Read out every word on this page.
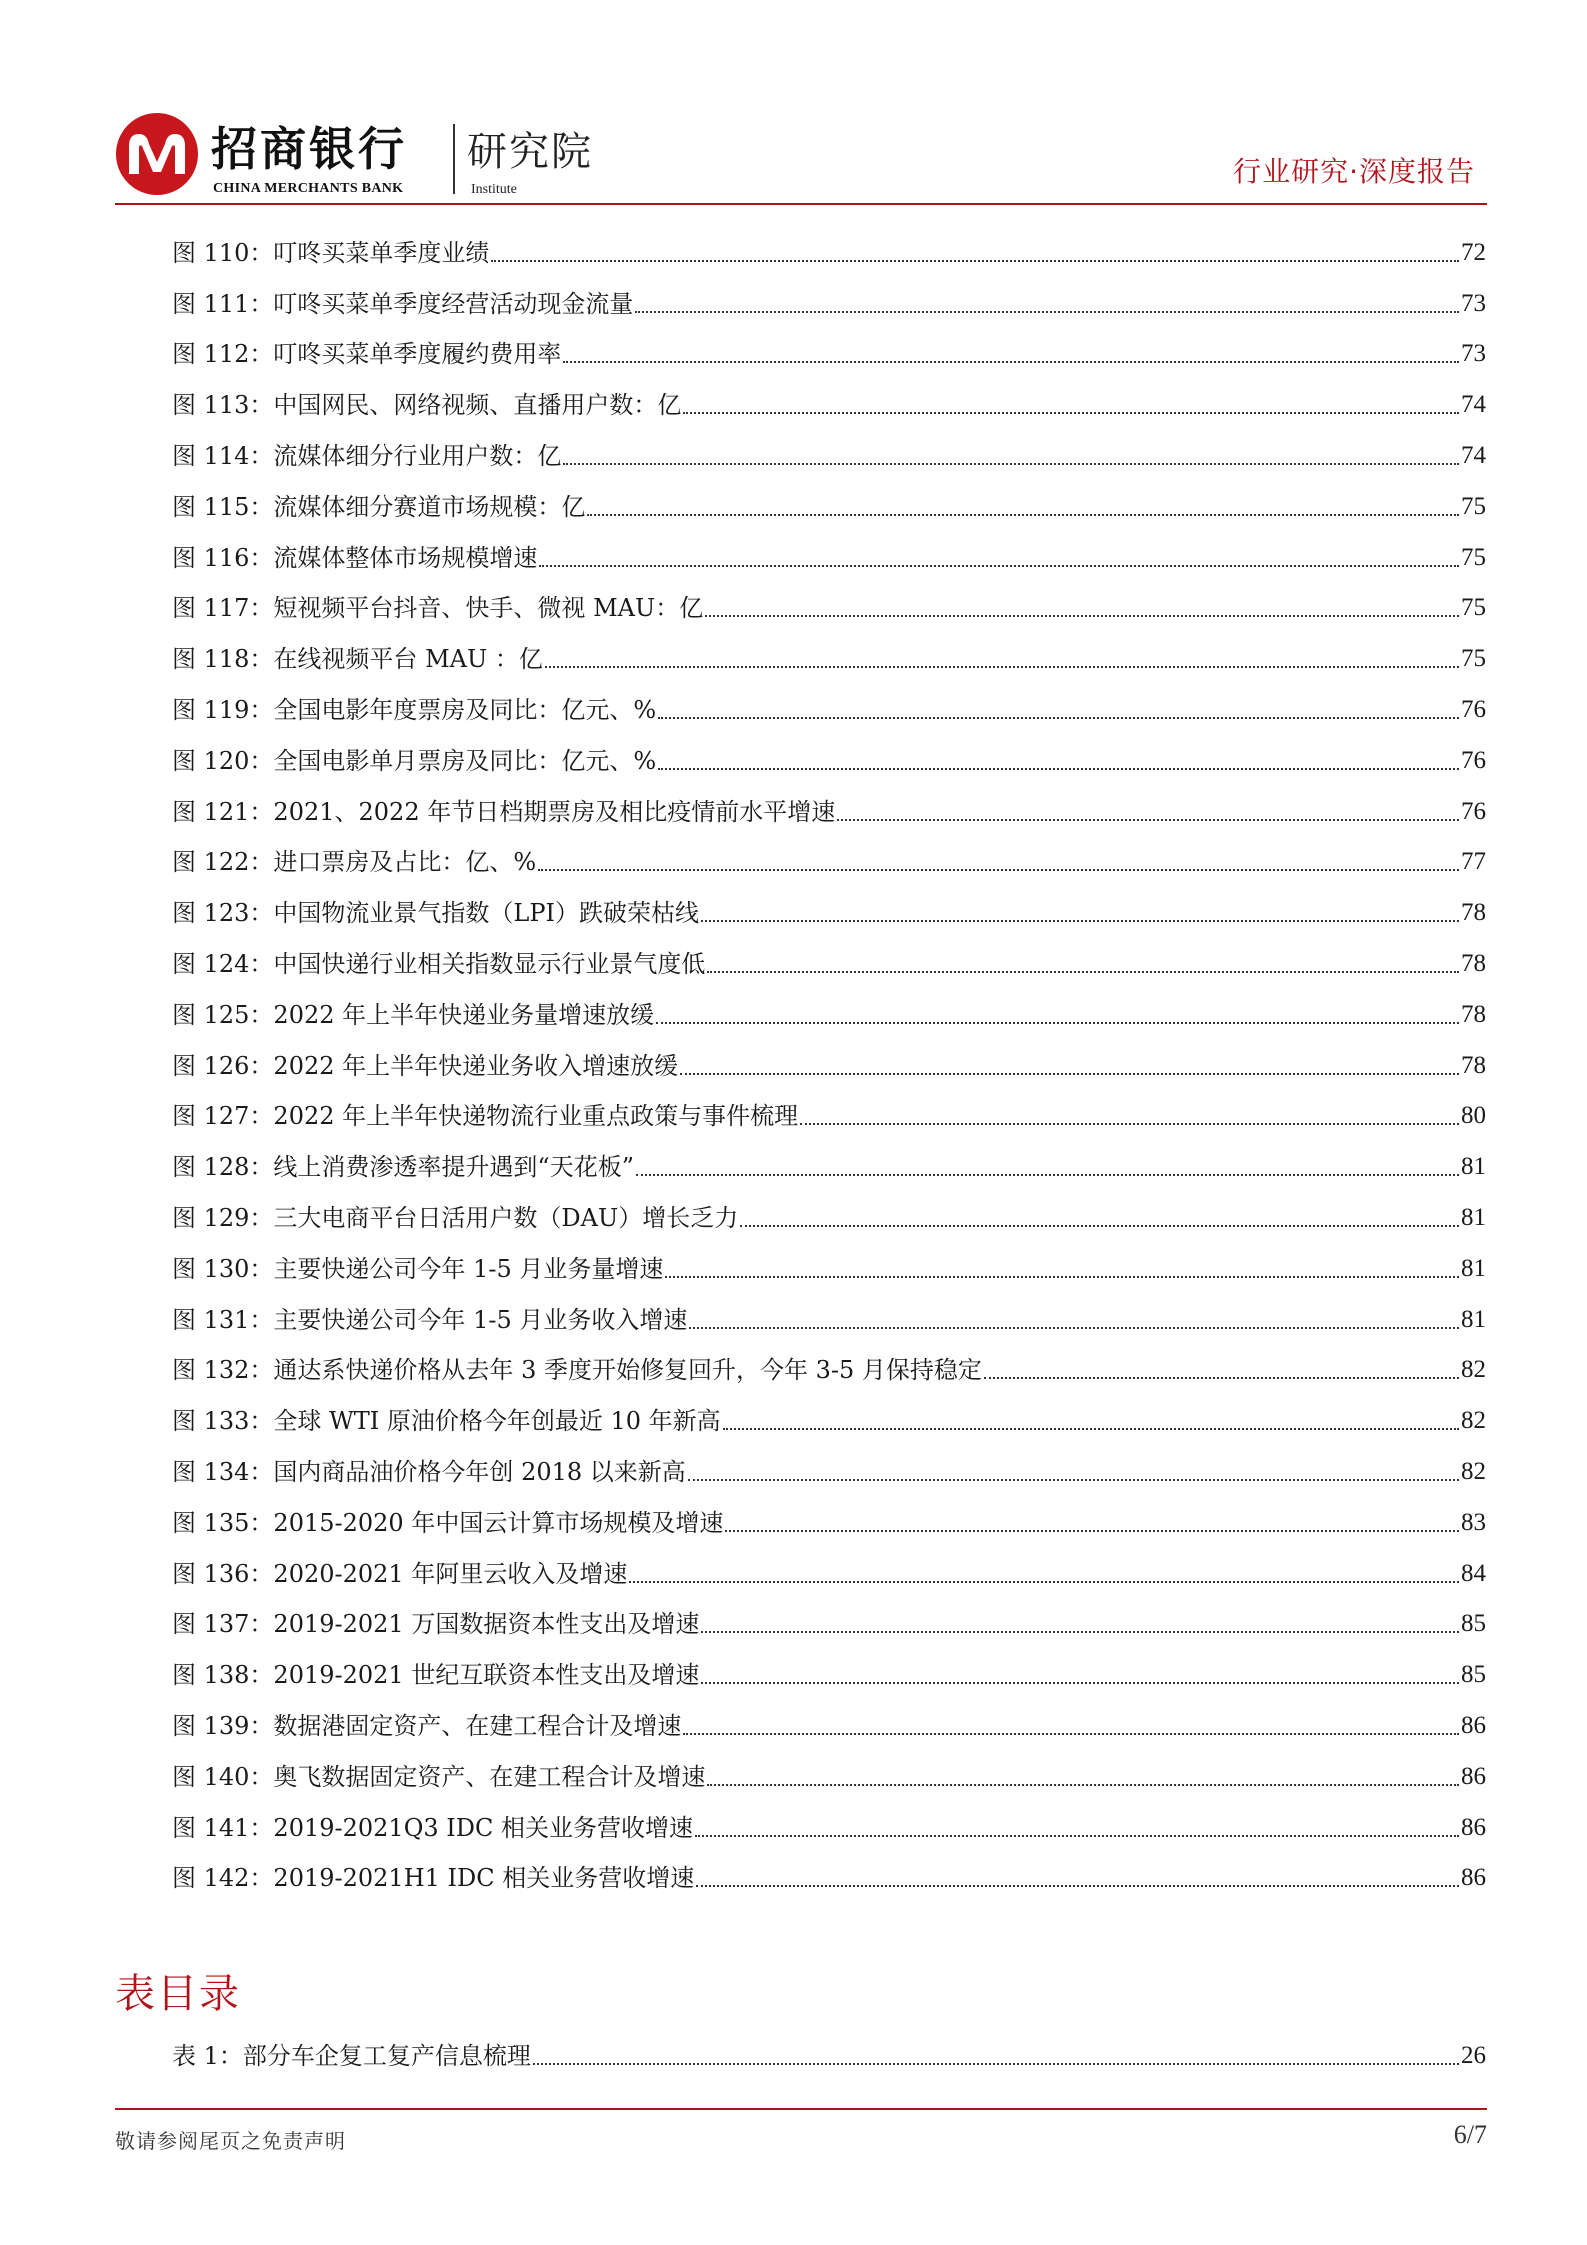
招商银行
CHINA MERCHANTS BANK
研究院
Institute
行业研究·深度报告
图 110：叮咚买菜单季度业绩	72
图 111：叮咚买菜单季度经营活动现金流量	73
图 112：叮咚买菜单季度履约费用率	73
图 113：中国网民、网络视频、直播用户数：亿	74
图 114：流媒体细分行业用户数：亿	74
图 115：流媒体细分赛道市场规模：亿	75
图 116：流媒体整体市场规模增速	75
图 117：短视频平台抖音、快手、微视 MAU：亿	75
图 118：在线视频平台 MAU ：亿	75
图 119：全国电影年度票房及同比：亿元、%	76
图 120：全国电影单月票房及同比：亿元、%	76
图 121：2021、2022 年节日档期票房及相比疫情前水平增速	76
图 122：进口票房及占比：亿、%	77
图 123：中国物流业景气指数（LPI）跌破荣枯线	78
图 124：中国快递行业相关指数显示行业景气度低	78
图 125：2022 年上半年快递业务量增速放缓	78
图 126：2022 年上半年快递业务收入增速放缓	78
图 127：2022 年上半年快递物流行业重点政策与事件梳理	80
图 128：线上消费渗透率提升遇到“天花板”	81
图 129：三大电商平台日活用户数（DAU）增长乏力	81
图 130：主要快递公司今年 1-5 月业务量增速	81
图 131：主要快递公司今年 1-5 月业务收入增速	81
图 132：通达系快递价格从去年 3 季度开始修复回升，今年 3-5 月保持稳定	82
图 133：全球 WTI 原油价格今年创最近 10 年新高	82
图 134：国内商品油价格今年创 2018 以来新高	82
图 135：2015-2020 年中国云计算市场规模及增速	83
图 136：2020-2021 年阿里云收入及增速	84
图 137：2019-2021 万国数据资本性支出及增速	85
图 138：2019-2021 世纪互联资本性支出及增速	85
图 139：数据港固定资产、在建工程合计及增速	86
图 140：奥飞数据固定资产、在建工程合计及增速	86
图 141：2019-2021Q3 IDC 相关业务营收增速	86
图 142：2019-2021H1 IDC 相关业务营收增速	86
表目录
表 1：部分车企复工复产信息梳理	26
敬请参阅尾页之免责声明	6/7
